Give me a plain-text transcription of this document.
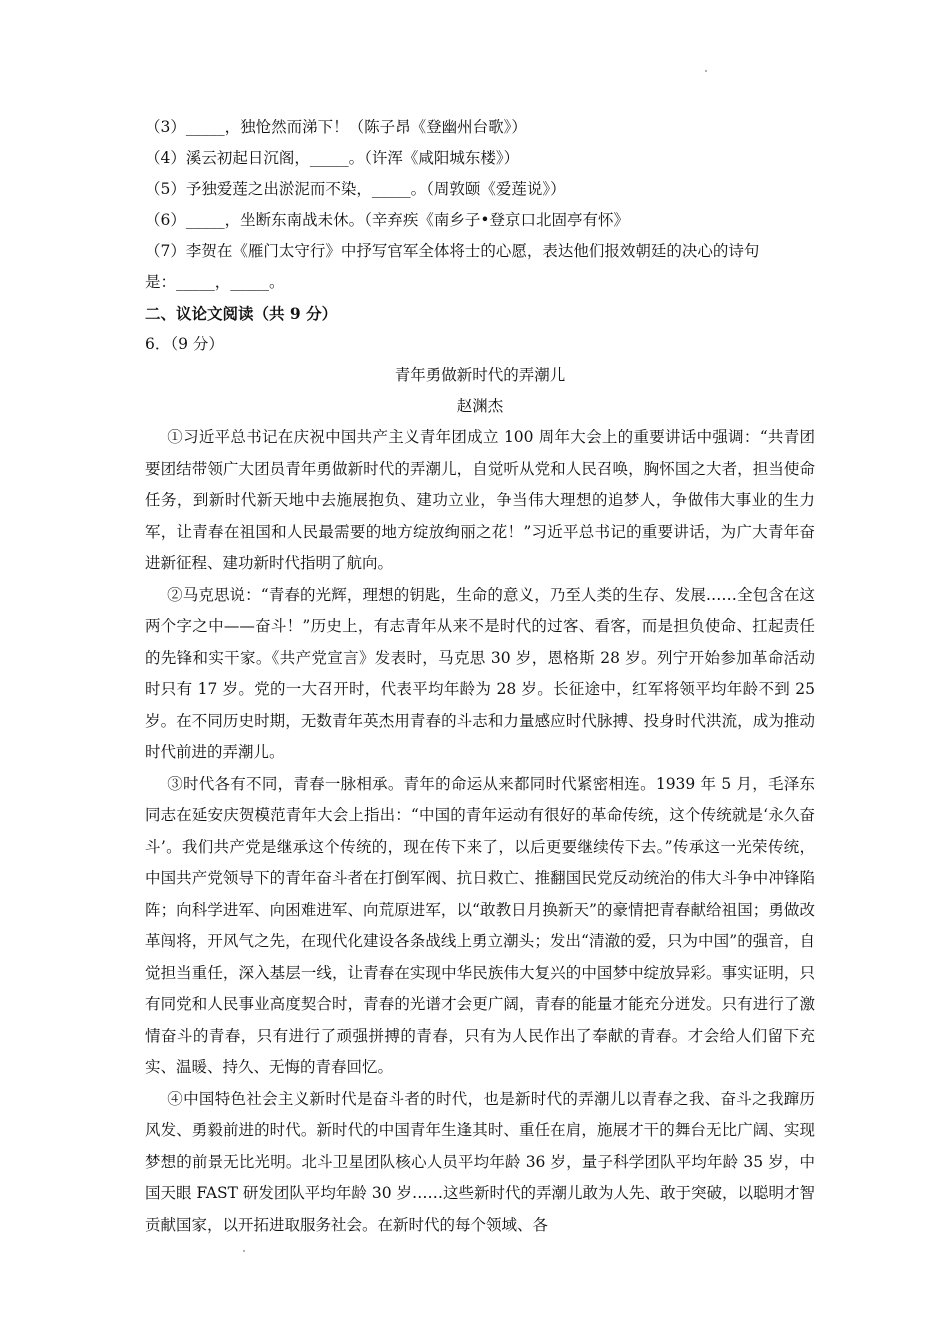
（3）_____，独怆然而涕下！（陈子昂《登幽州台歌》）
（4）溪云初起日沉阁，_____。（许浑《咸阳城东楼》）
（5）予独爱莲之出淤泥而不染，_____。（周敦颐《爱莲说》）
（6）_____，坐断东南战未休。（辛弃疾《南乡子•登京口北固亭有怀》
（7）李贺在《雁门太守行》中抒写官军全体将士的心愿，表达他们报效朝廷的决心的诗句
是：_____，_____。
二、议论文阅读（共 9 分）
6．（9 分）
青年勇做新时代的弄潮儿
赵渊杰

①习近平总书记在庆祝中国共产主义青年团成立 100 周年大会上的重要讲话中强调：“共青团要团结带领广大团员青年勇做新时代的弄潮儿，自觉听从党和人民召唤，胸怀国之大者，担当使命任务，到新时代新天地中去施展抱负、建功立业，争当伟大理想的追梦人，争做伟大事业的生力军，让青春在祖国和人民最需要的地方绽放绚丽之花！”习近平总书记的重要讲话，为广大青年奋进新征程、建功新时代指明了航向。

②马克思说：“青春的光辉，理想的钥匙，生命的意义，乃至人类的生存、发展……全包含在这两个字之中——奋斗！”历史上，有志青年从来不是时代的过客、看客，而是担负使命、扛起责任的先锋和实干家。《共产党宣言》发表时，马克思 30 岁，恩格斯 28 岁。列宁开始参加革命活动时只有 17 岁。党的一大召开时，代表平均年龄为 28 岁。长征途中，红军将领平均年龄不到 25 岁。在不同历史时期，无数青年英杰用青春的斗志和力量感应时代脉搏、投身时代洪流，成为推动时代前进的弄潮儿。

③时代各有不同，青春一脉相承。青年的命运从来都同时代紧密相连。1939 年 5 月，毛泽东同志在延安庆贺模范青年大会上指出：“中国的青年运动有很好的革命传统，这个传统就是‘永久奋斗’。我们共产党是继承这个传统的，现在传下来了，以后更要继续传下去。”传承这一光荣传统，中国共产党领导下的青年奋斗者在打倒军阀、抗日救亡、推翻国民党反动统治的伟大斗争中冲锋陷阵；向科学进军、向困难进军、向荒原进军，以“敢教日月换新天”的豪情把青春献给祖国；勇做改革闯将，开风气之先，在现代化建设各条战线上勇立潮头；发出“清澈的爱，只为中国”的强音，自觉担当重任，深入基层一线，让青春在实现中华民族伟大复兴的中国梦中绽放异彩。事实证明，只有同党和人民事业高度契合时，青春的光谱才会更广阔，青春的能量才能充分迸发。只有进行了激情奋斗的青春，只有进行了顽强拼搏的青春，只有为人民作出了奉献的青春。才会给人们留下充实、温暖、持久、无悔的青春回忆。

④中国特色社会主义新时代是奋斗者的时代，也是新时代的弄潮儿以青春之我、奋斗之我蹿历风发、勇毅前进的时代。新时代的中国青年生逢其时、重任在肩，施展才干的舞台无比广阔、实现梦想的前景无比光明。北斗卫星团队核心人员平均年龄 36 岁，量子科学团队平均年龄 35 岁，中国天眼 FAST 研发团队平均年龄 30 岁……这些新时代的弄潮儿敢为人先、敢于突破，以聪明才智贡献国家，以开拓进取服务社会。在新时代的每个领域、各
